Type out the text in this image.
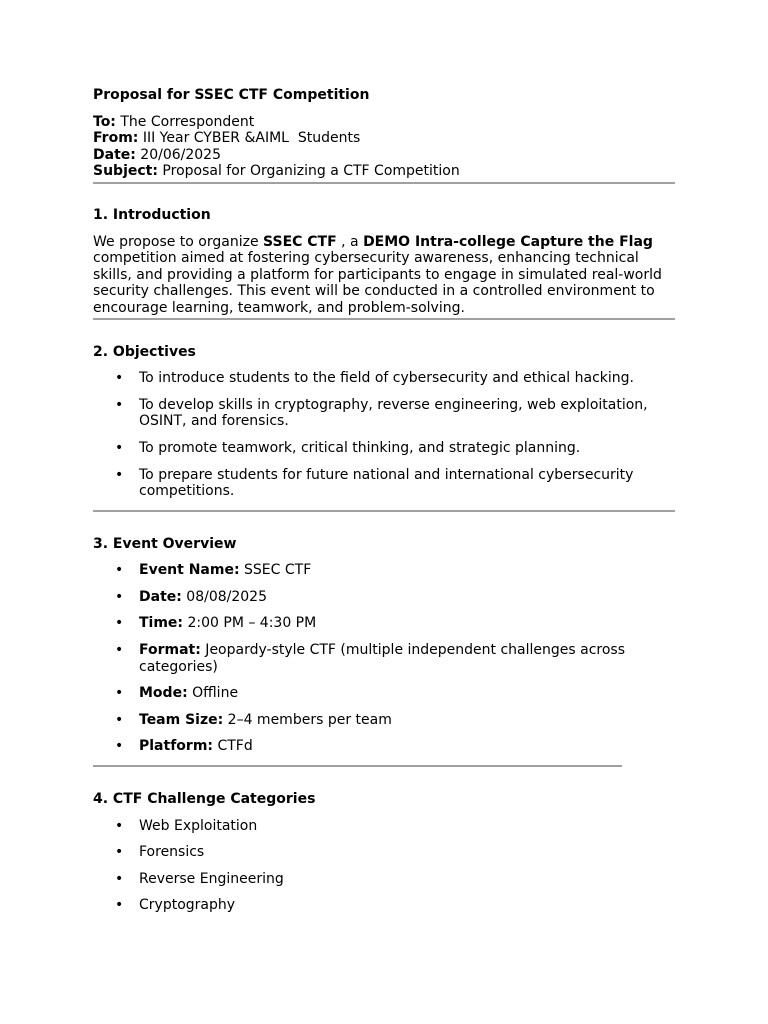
Proposal for SSEC CTF Competition
To: The Correspondent
From: III Year CYBER &AIML  Students
Date: 20/06/2025
Subject: Proposal for Organizing a CTF Competition
1. Introduction

We propose to organize SSEC CTF , a DEMO Intra-college Capture the Flag competition aimed at fostering cybersecurity awareness, enhancing technical skills, and providing a platform for participants to engage in simulated real-world security challenges. This event will be conducted in a controlled environment to encourage learning, teamwork, and problem-solving.

2. Objectives
• To introduce students to the field of cybersecurity and ethical hacking.
• To develop skills in cryptography, reverse engineering, web exploitation, OSINT, and forensics.
• To promote teamwork, critical thinking, and strategic planning.
• To prepare students for future national and international cybersecurity competitions.
3. Event Overview
• Event Name: SSEC CTF
• Date: 08/08/2025
• Time: 2:00 PM – 4:30 PM
• Format: Jeopardy-style CTF (multiple independent challenges across categories)
• Mode: Offline
• Team Size: 2–4 members per team
• Platform: CTFd
4. CTF Challenge Categories
• Web Exploitation
• Forensics
• Reverse Engineering
• Cryptography
